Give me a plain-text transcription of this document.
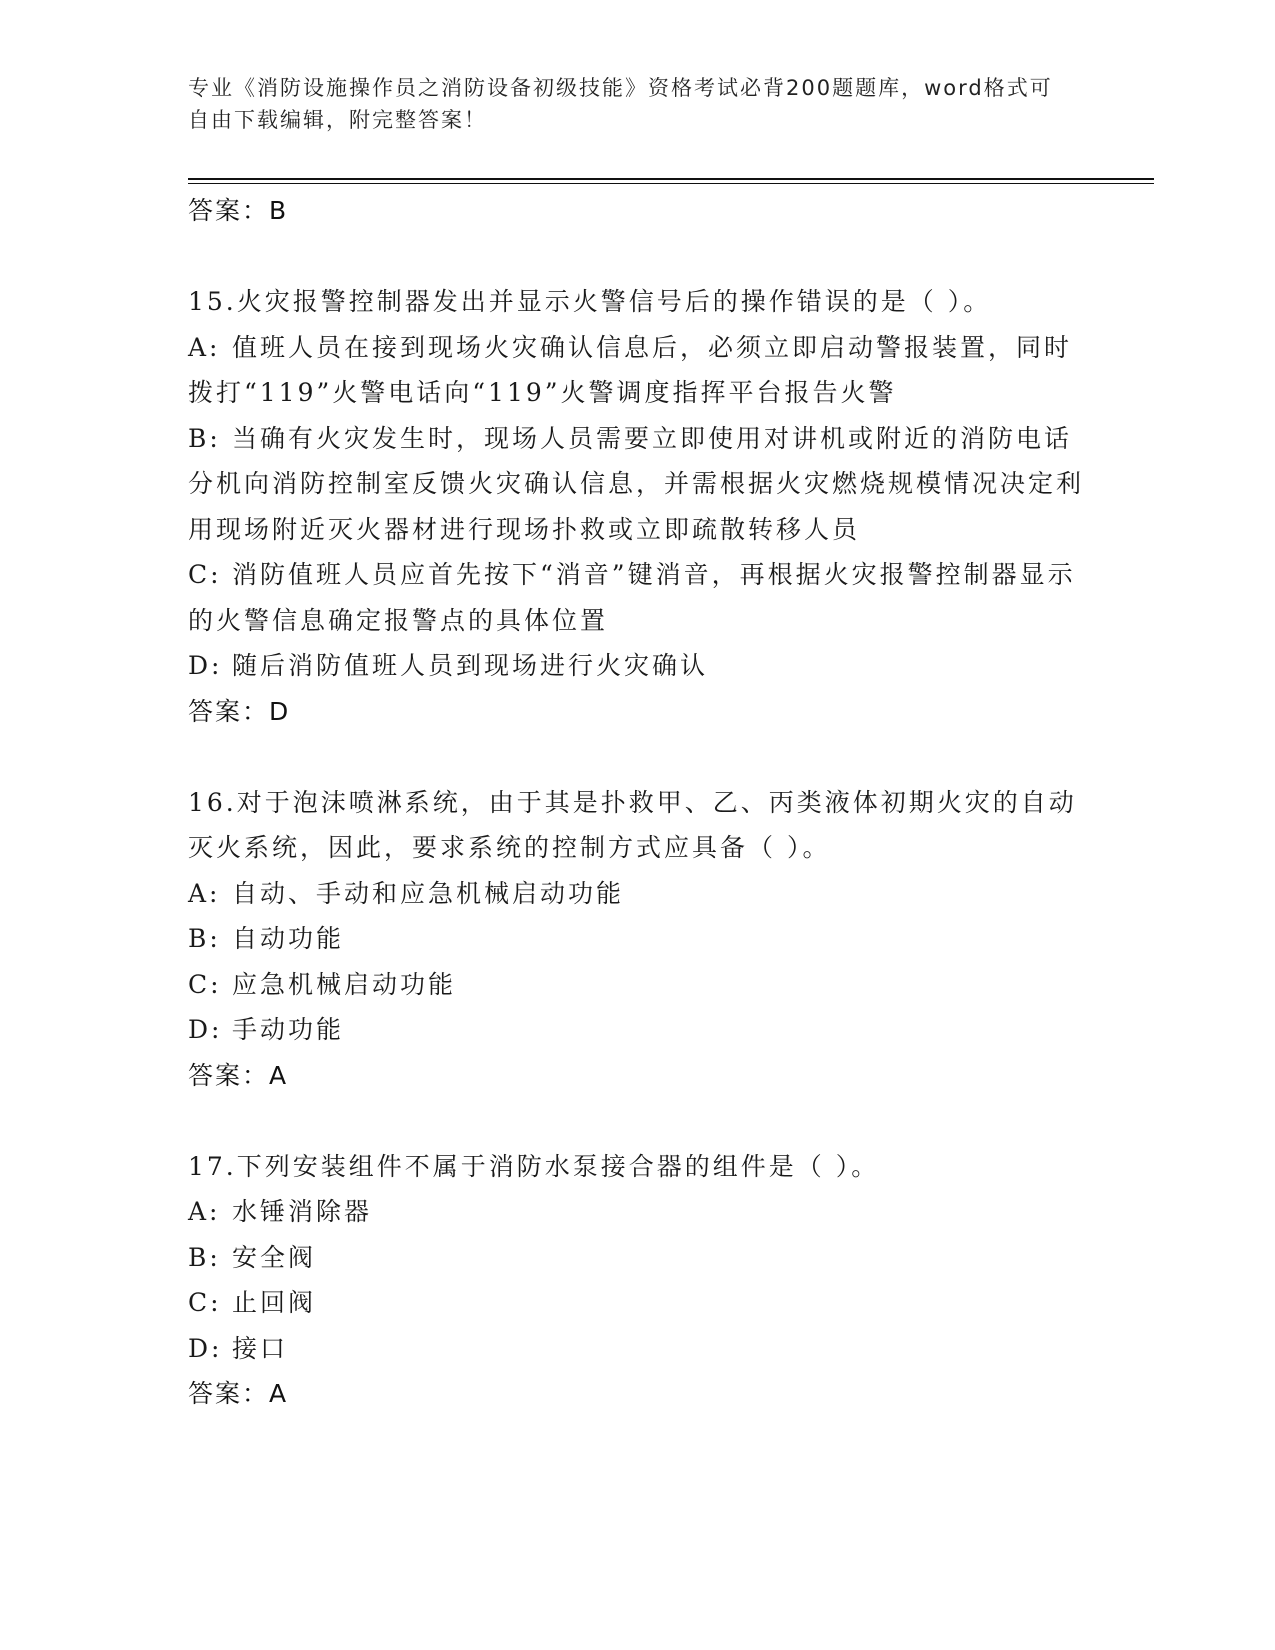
专业《消防设施操作员之消防设备初级技能》资格考试必背200题题库，word格式可自由下载编辑，附完整答案！
答案：B
15.火灾报警控制器发出并显示火警信号后的操作错误的是（ ）。
A: 值班人员在接到现场火灾确认信息后，必须立即启动警报装置，同时拨打“119”火警电话向“119”火警调度指挥平台报告火警
B: 当确有火灾发生时，现场人员需要立即使用对讲机或附近的消防电话分机向消防控制室反馈火灾确认信息，并需根据火灾燃烧规模情况决定利用现场附近灭火器材进行现场扑救或立即疏散转移人员
C: 消防值班人员应首先按下“消音”键消音，再根据火灾报警控制器显示的火警信息确定报警点的具体位置
D: 随后消防值班人员到现场进行火灾确认
答案：D
16.对于泡沫喷淋系统，由于其是扑救甲、乙、丙类液体初期火灾的自动灭火系统，因此，要求系统的控制方式应具备（ ）。
A: 自动、手动和应急机械启动功能
B: 自动功能
C: 应急机械启动功能
D: 手动功能
答案：A
17.下列安装组件不属于消防水泵接合器的组件是（ ）。
A: 水锤消除器
B: 安全阀
C: 止回阀
D: 接口
答案：A
